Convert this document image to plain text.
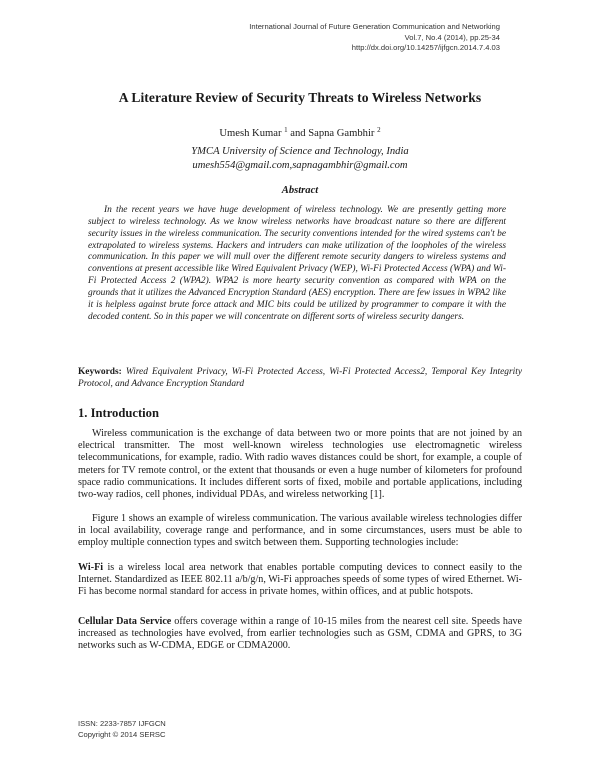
International Journal of Future Generation Communication and Networking
Vol.7, No.4 (2014), pp.25-34
http://dx.doi.org/10.14257/ijfgcn.2014.7.4.03
A Literature Review of Security Threats to Wireless Networks
Umesh Kumar $^1$ and Sapna Gambhir $^2$
YMCA University of Science and Technology, India
umesh554@gmail.com,sapnagambhir@gmail.com
Abstract

In the recent years we have huge development of wireless technology. We are presently getting more subject to wireless technology. As we know wireless networks have broadcast nature so there are different security issues in the wireless communication. The security conventions intended for the wired systems can't be extrapolated to wireless systems. Hackers and intruders can make utilization of the loopholes of the wireless communication. In this paper we will mull over the different remote security dangers to wireless systems and conventions at present accessible like Wired Equivalent Privacy (WEP), Wi-Fi Protected Access (WPA) and Wi-Fi Protected Access 2 (WPA2). WPA2 is more hearty security convention as compared with WPA on the grounds that it utilizes the Advanced Encryption Standard (AES) encryption. There are few issues in WPA2 like it is helpless against brute force attack and MIC bits could be utilized by programmer to compare it with the decoded content. So in this paper we will concentrate on different sorts of wireless security dangers.

Keywords: Wired Equivalent Privacy, Wi-Fi Protected Access, Wi-Fi Protected Access2, Temporal Key Integrity Protocol, and Advance Encryption Standard

1. Introduction

Wireless communication is the exchange of data between two or more points that are not joined by an electrical transmitter. The most well-known wireless technologies use electromagnetic wireless telecommunications, for example, radio. With radio waves distances could be short, for example, a couple of meters for TV remote control, or the extent that thousands or even a huge number of kilometers for profound space radio communications. It includes different sorts of fixed, mobile and portable applications, including two-way radios, cell phones, individual PDAs, and wireless networking [1].

Figure 1 shows an example of wireless communication. The various available wireless technologies differ in local availability, coverage range and performance, and in some circumstances, users must be able to employ multiple connection types and switch between them. Supporting technologies include:

Wi-Fi is a wireless local area network that enables portable computing devices to connect easily to the Internet. Standardized as IEEE 802.11 a/b/g/n, Wi-Fi approaches speeds of some types of wired Ethernet. Wi-Fi has become normal standard for access in private homes, within offices, and at public hotspots.

Cellular Data Service offers coverage within a range of 10-15 miles from the nearest cell site. Speeds have increased as technologies have evolved, from earlier technologies such as GSM, CDMA and GPRS, to 3G networks such as W-CDMA, EDGE or CDMA2000.

ISSN: 2233-7857 IJFGCN
Copyright © 2014 SERSC
